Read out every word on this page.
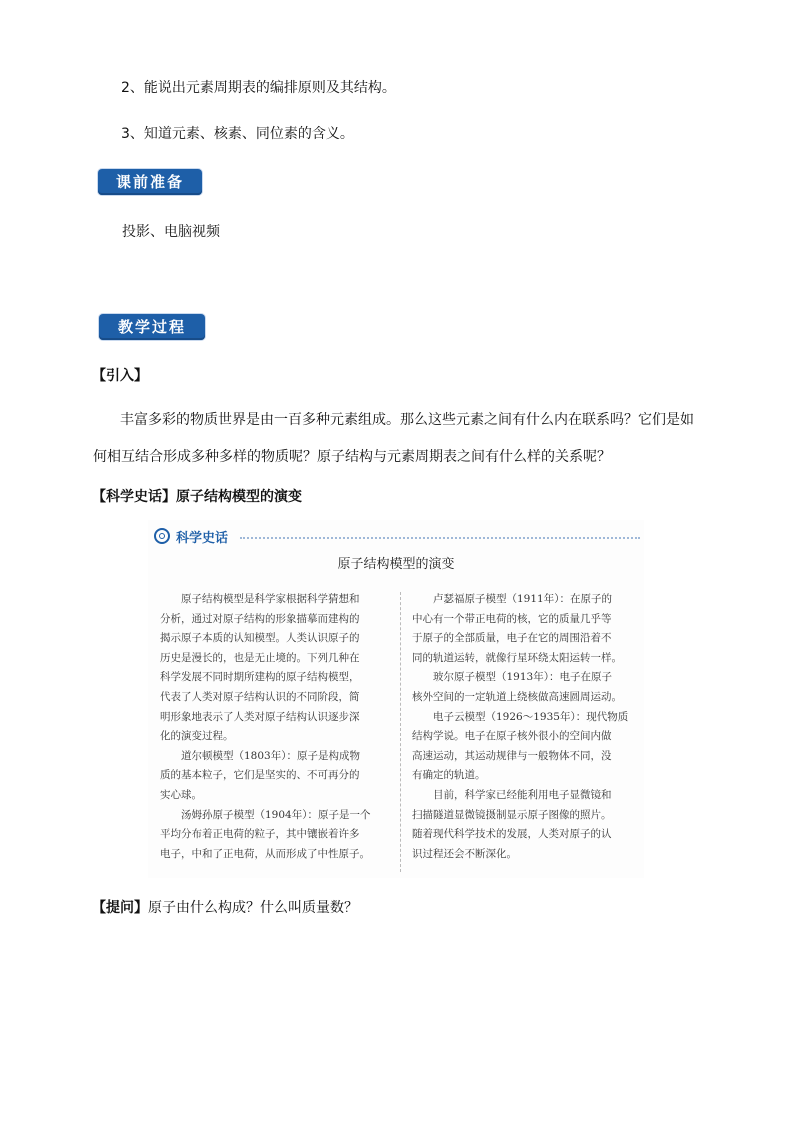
2、能说出元素周期表的编排原则及其结构。
3、知道元素、核素、同位素的含义。
课前准备
投影、电脑视频
教学过程
【引入】
丰富多彩的物质世界是由一百多种元素组成。那么这些元素之间有什么内在联系吗？它们是如
何相互结合形成多种多样的物质呢？原子结构与元素周期表之间有什么样的关系呢？
【科学史话】原子结构模型的演变
科学史话
原子结构模型的演变
　　原子结构模型是科学家根据科学猜想和
分析，通过对原子结构的形象描摹而建构的
揭示原子本质的认知模型。人类认识原子的
历史是漫长的，也是无止境的。下列几种在
科学发展不同时期所建构的原子结构模型，
代表了人类对原子结构认识的不同阶段，简
明形象地表示了人类对原子结构认识逐步深
化的演变过程。
　　道尔顿模型（1803年）：原子是构成物
质的基本粒子，它们是坚实的、不可再分的
实心球。
　　汤姆孙原子模型（1904年）：原子是一个
平均分布着正电荷的粒子，其中镶嵌着许多
电子，中和了正电荷，从而形成了中性原子。
　　卢瑟福原子模型（1911年）：在原子的
中心有一个带正电荷的核，它的质量几乎等
于原子的全部质量，电子在它的周围沿着不
同的轨道运转，就像行星环绕太阳运转一样。
　　玻尔原子模型（1913年）：电子在原子
核外空间的一定轨道上绕核做高速圆周运动。
　　电子云模型（1926～1935年）：现代物质
结构学说。电子在原子核外很小的空间内做
高速运动，其运动规律与一般物体不同，没
有确定的轨道。
　　目前，科学家已经能利用电子显微镜和
扫描隧道显微镜摄制显示原子图像的照片。
随着现代科学技术的发展，人类对原子的认
识过程还会不断深化。
【提问】原子由什么构成？什么叫质量数？
